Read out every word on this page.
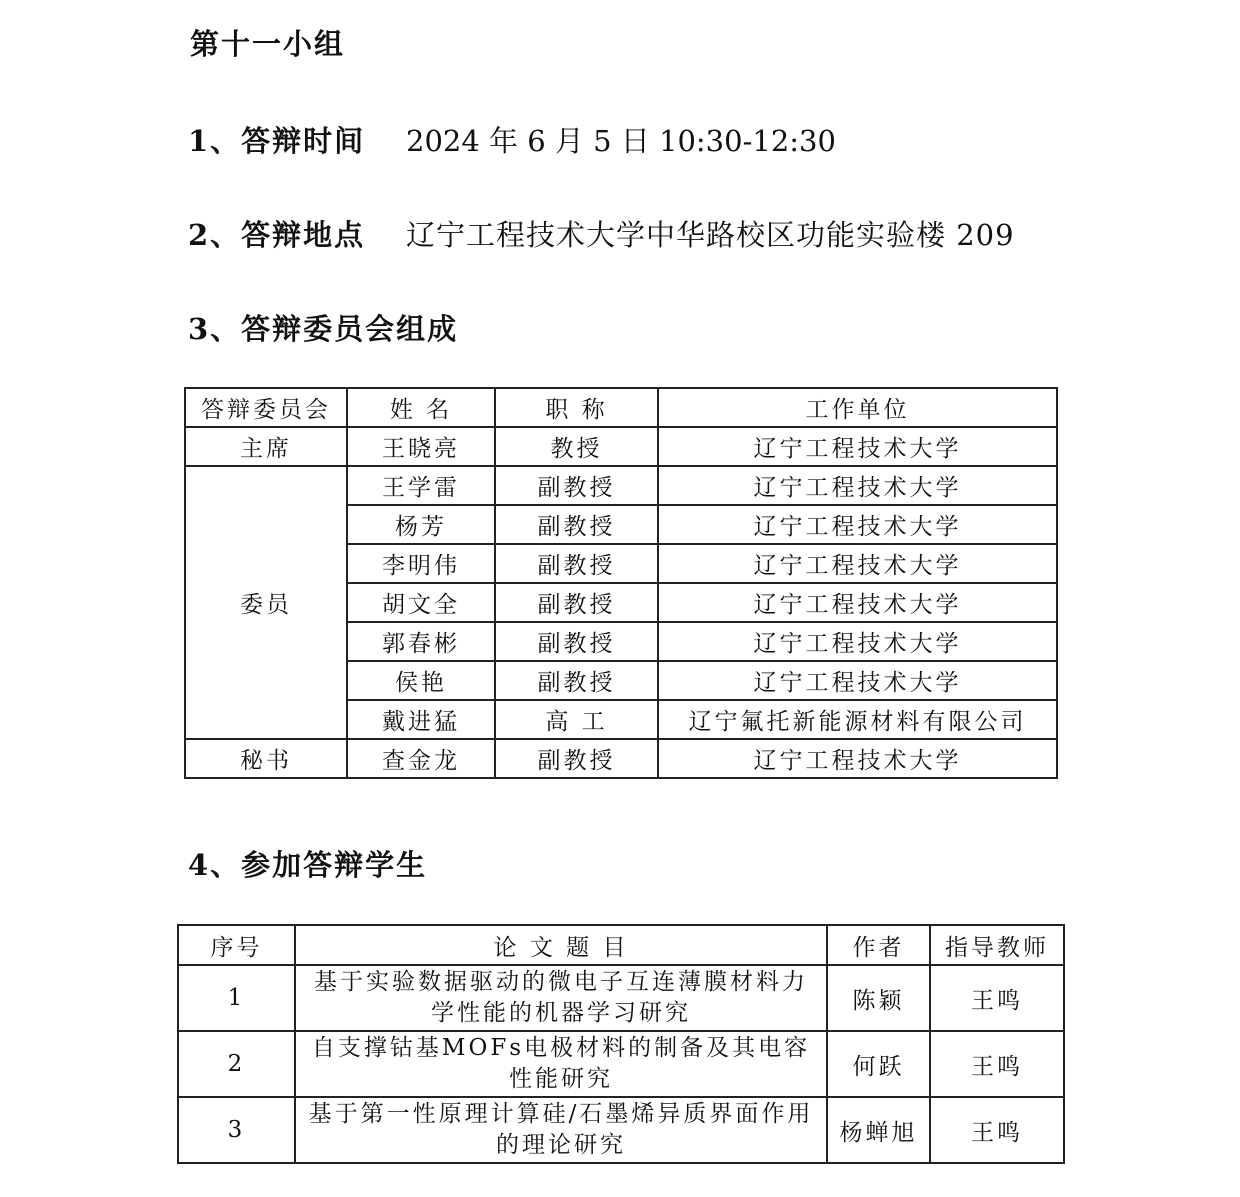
第十一小组
1、答辩时间 2024 年 6 月 5 日 10:30-12:30
2、答辩地点 辽宁工程技术大学中华路校区功能实验楼 209
3、答辩委员会组成
答辩委员会	姓 名	职 称	工作单位
主席	王晓亮	教授	辽宁工程技术大学
委员	王学雷	副教授	辽宁工程技术大学
	杨芳	副教授	辽宁工程技术大学
	李明伟	副教授	辽宁工程技术大学
	胡文全	副教授	辽宁工程技术大学
	郭春彬	副教授	辽宁工程技术大学
	侯艳	副教授	辽宁工程技术大学
	戴进猛	高 工	辽宁氟托新能源材料有限公司
秘书	查金龙	副教授	辽宁工程技术大学
4、参加答辩学生
序号	论 文 题 目	作者	指导教师
1	基于实验数据驱动的微电子互连薄膜材料力学性能的机器学习研究	陈颖	王鸣
2	自支撑钴基MOFs电极材料的制备及其电容性能研究	何跃	王鸣
3	基于第一性原理计算硅/石墨烯异质界面作用的理论研究	杨蝉旭	王鸣
